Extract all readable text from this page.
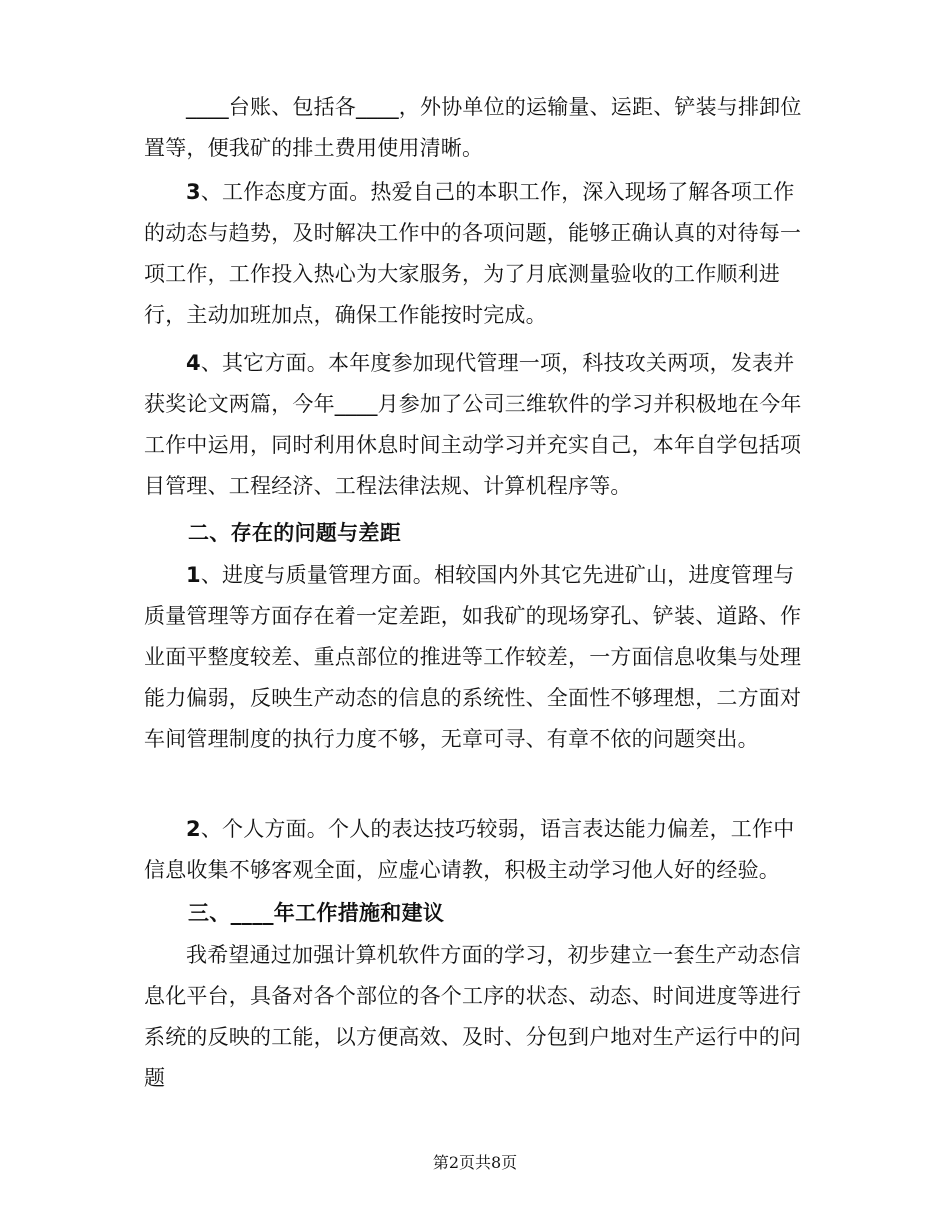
____台账、包括各____，外协单位的运输量、运距、铲装与排卸位置等，便我矿的排土费用使用清晰。

3、工作态度方面。热爱自己的本职工作，深入现场了解各项工作的动态与趋势，及时解决工作中的各项问题，能够正确认真的对待每一项工作，工作投入热心为大家服务，为了月底测量验收的工作顺利进行，主动加班加点，确保工作能按时完成。

4、其它方面。本年度参加现代管理一项，科技攻关两项，发表并获奖论文两篇，今年____月参加了公司三维软件的学习并积极地在今年工作中运用，同时利用休息时间主动学习并充实自己，本年自学包括项目管理、工程经济、工程法律法规、计算机程序等。

二、存在的问题与差距

1、进度与质量管理方面。相较国内外其它先进矿山，进度管理与质量管理等方面存在着一定差距，如我矿的现场穿孔、铲装、道路、作业面平整度较差、重点部位的推进等工作较差，一方面信息收集与处理能力偏弱，反映生产动态的信息的系统性、全面性不够理想，二方面对车间管理制度的执行力度不够，无章可寻、有章不依的问题突出。

2、个人方面。个人的表达技巧较弱，语言表达能力偏差，工作中信息收集不够客观全面，应虚心请教，积极主动学习他人好的经验。

三、____年工作措施和建议

我希望通过加强计算机软件方面的学习，初步建立一套生产动态信息化平台，具备对各个部位的各个工序的状态、动态、时间进度等进行系统的反映的工能，以方便高效、及时、分包到户地对生产运行中的问题

第2页共8页
